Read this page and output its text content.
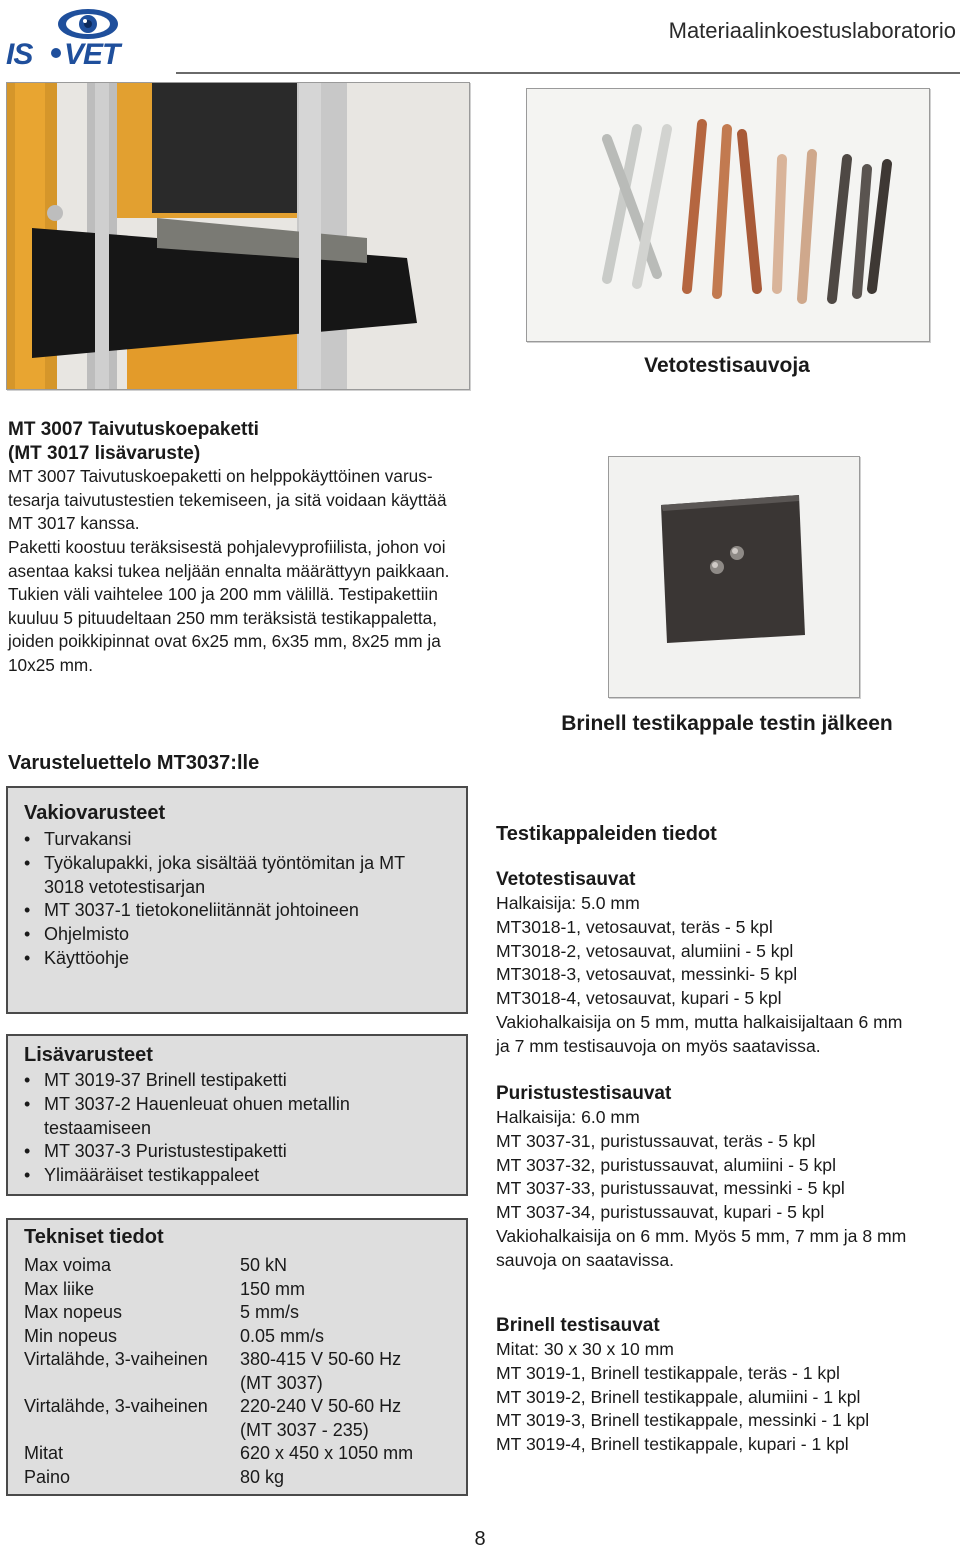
IS VET
Materiaalinkoestuslaboratorio
Vetotestisauvoja

MT 3007 Taivutuskoepaketti

(MT 3017 lisävaruste)

MT 3007 Taivutuskoepaketti on helppokäyttöinen varus-

tesarja taivutustestien tekemiseen, ja sitä voidaan käyttää

MT 3017 kanssa.

Paketti koostuu teräksisestä pohjalevyprofiilista, johon voi

asentaa kaksi tukea neljään ennalta määrättyyn paikkaan.

Tukien väli vaihtelee 100 ja 200 mm välillä. Testipakettiin

kuuluu 5 pituudeltaan 250 mm teräksistä testikappaletta,

joiden poikkipinnat ovat 6x25 mm, 6x35 mm, 8x25 mm ja

10x25 mm.

Brinell testikappale testin jälkeen
Varusteluettelo MT3037:lle
Vakiovarusteet
• Turvakansi
• Työkalupakki, joka sisältää työntömitan ja MT 3018 vetotestisarjan
• MT 3037-1 tietokoneliitännät johtoineen
• Ohjelmisto
• Käyttöohje
Lisävarusteet
• MT 3019-37 Brinell testipaketti
• MT 3037-2 Hauenleuat ohuen metallin testaamiseen
• MT 3037-3 Puristustestipaketti
• Ylimääräiset testikappaleet
Tekniset tiedot
Max voima	50 kN
Max liike	150 mm
Max nopeus	5 mm/s
Min nopeus	0.05 mm/s
Virtalähde, 3-vaiheinen	380-415 V 50-60 Hz
(MT 3037)

Virtalähde, 3-vaiheinen	220-240 V 50-60 Hz
(MT 3037 - 235)

Mitat	620 x 450 x 1050 mm
Paino	80 kg

Testikappaleiden tiedot

Vetotestisauvat

Halkaisija: 5.0 mm

MT3018-1, vetosauvat, teräs - 5 kpl

MT3018-2, vetosauvat, alumiini - 5 kpl

MT3018-3, vetosauvat, messinki- 5 kpl

MT3018-4, vetosauvat, kupari - 5 kpl

Vakiohalkaisija on 5 mm, mutta halkaisijaltaan 6 mm

ja 7 mm testisauvoja on myös saatavissa.

Puristustestisauvat

Halkaisija: 6.0 mm

MT 3037-31, puristussauvat, teräs - 5 kpl

MT 3037-32, puristussauvat, alumiini - 5 kpl

MT 3037-33, puristussauvat, messinki - 5 kpl

MT 3037-34, puristussauvat, kupari - 5 kpl

Vakiohalkaisija on 6 mm. Myös 5 mm, 7 mm ja 8 mm

sauvoja on saatavissa.

Brinell testisauvat

Mitat: 30 x 30 x 10 mm

MT 3019-1, Brinell testikappale, teräs - 1 kpl

MT 3019-2, Brinell testikappale, alumiini - 1 kpl

MT 3019-3, Brinell testikappale, messinki - 1 kpl

MT 3019-4, Brinell testikappale, kupari - 1 kpl

8
